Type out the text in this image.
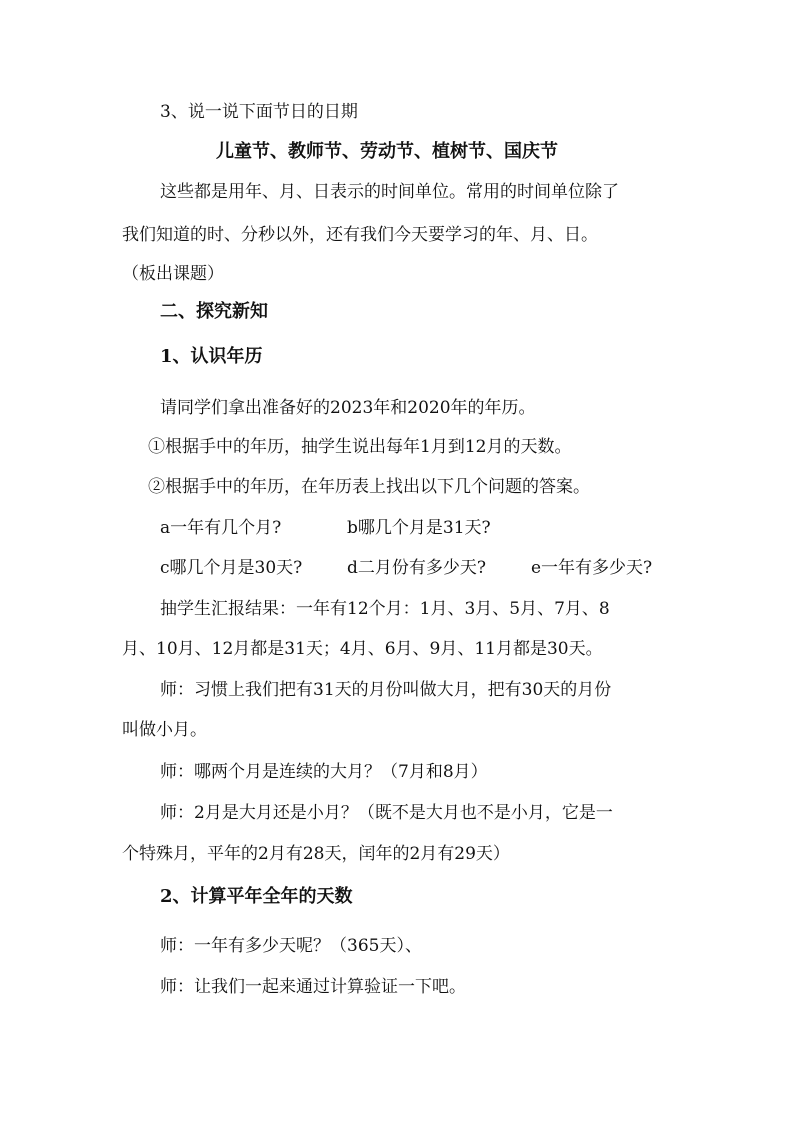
3、说一说下面节日的日期
儿童节、教师节、劳动节、植树节、国庆节
这些都是用年、月、日表示的时间单位。常用的时间单位除了
我们知道的时、分秒以外，还有我们今天要学习的年、月、日。
（板出课题）
二、探究新知
1、认识年历
请同学们拿出准备好的2023年和2020年的年历。
①根据手中的年历，抽学生说出每年1月到12月的天数。
②根据手中的年历，在年历表上找出以下几个问题的答案。
a一年有几个月?	b哪几个月是31天?
c哪几个月是30天?	d二月份有多少天?	e一年有多少天?
抽学生汇报结果：一年有12个月：1月、3月、5月、7月、8
月、10月、12月都是31天；4月、6月、9月、11月都是30天。
师：习惯上我们把有31天的月份叫做大月，把有30天的月份
叫做小月。
师：哪两个月是连续的大月？（7月和8月）
师：2月是大月还是小月？（既不是大月也不是小月，它是一
个特殊月，平年的2月有28天，闰年的2月有29天）
2、计算平年全年的天数
师：一年有多少天呢？（365天）、
师：让我们一起来通过计算验证一下吧。
